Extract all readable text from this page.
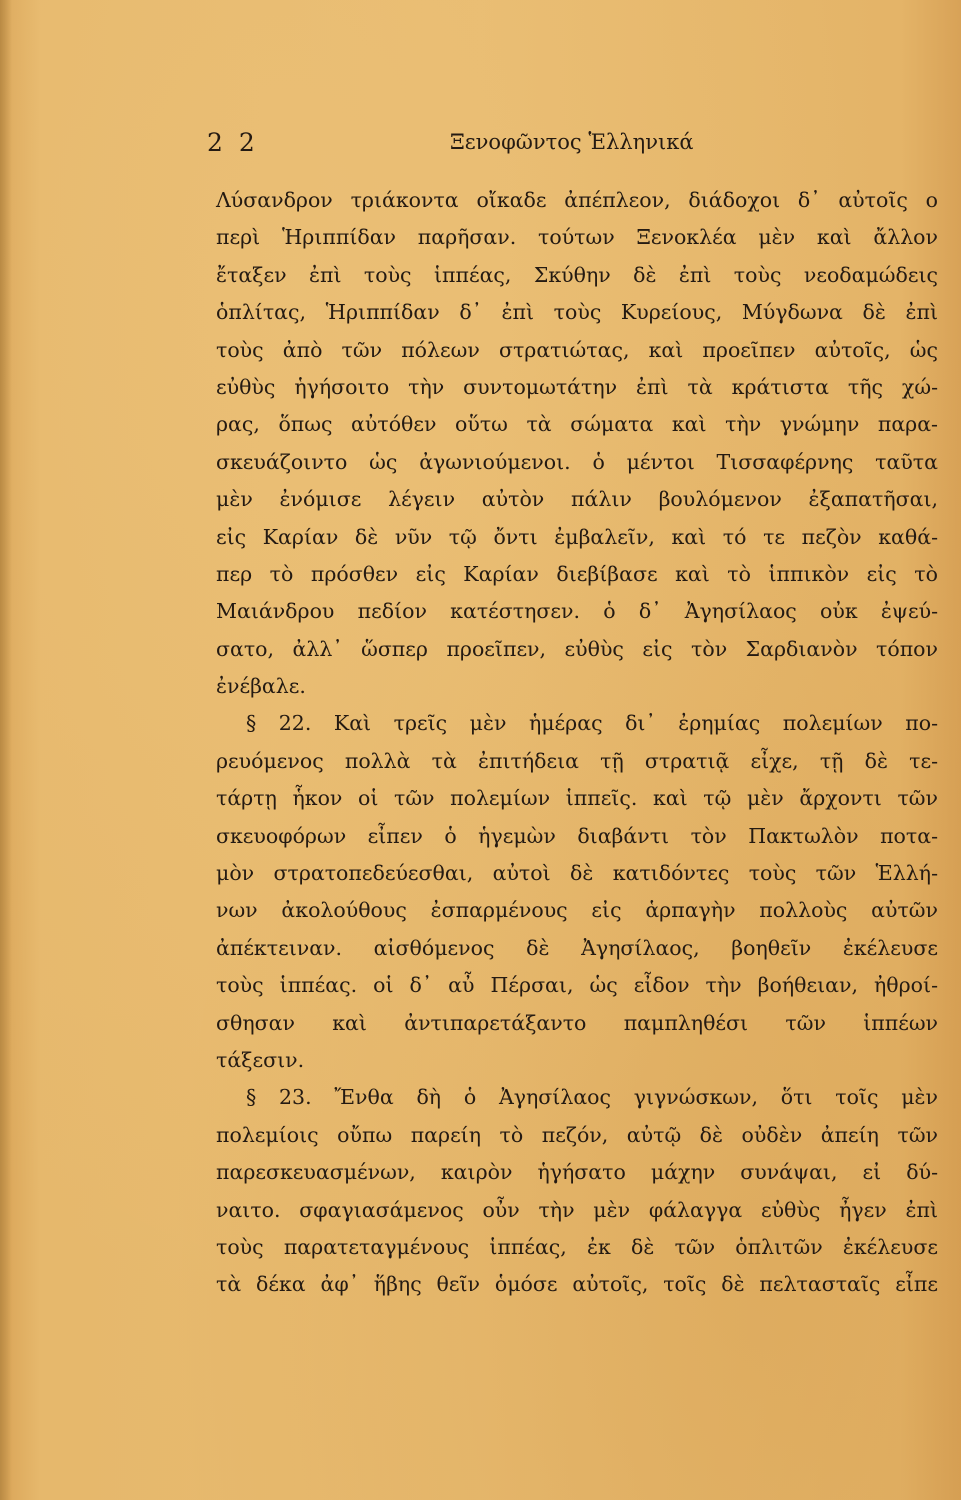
2 2	Ξενοφῶντος Ἑλληνικά
Λύσανδρον τριάκοντα οἴκαδε ἀπέπλεον, διάδοχοι δ᾿ αὐτοῖς ο
περὶ Ἡριππίδαν παρῆσαν. τούτων Ξενοκλέα μὲν καὶ ἄλλον
ἔταξεν ἐπὶ τοὺς ἱππέας, Σκύθην δὲ ἐπὶ τοὺς νεοδαμώδεις
ὁπλίτας, Ἡριππίδαν δ᾿ ἐπὶ τοὺς Κυρείους, Μύγδωνα δὲ ἐπὶ
τοὺς ἀπὸ τῶν πόλεων στρατιώτας, καὶ προεῖπεν αὐτοῖς, ὡς
εὐθὺς ἡγήσοιτο τὴν συντομωτάτην ἐπὶ τὰ κράτιστα τῆς χώ-
ρας, ὅπως αὐτόθεν οὕτω τὰ σώματα καὶ τὴν γνώμην παρα-
σκευάζοιντο ὡς ἀγωνιούμενοι. ὁ μέντοι Τισσαφέρνης ταῦτα
μὲν ἐνόμισε λέγειν αὐτὸν πάλιν βουλόμενον ἐξαπατῆσαι,
εἰς Καρίαν δὲ νῦν τῷ ὄντι ἐμβαλεῖν, καὶ τό τε πεζὸν καθά-
περ τὸ πρόσθεν εἰς Καρίαν διεβίβασε καὶ τὸ ἱππικὸν εἰς τὸ
Μαιάνδρου πεδίον κατέστησεν. ὁ δ᾿ Ἀγησίλαος οὐκ ἐψεύ-
σατο, ἀλλ᾿ ὥσπερ προεῖπεν, εὐθὺς εἰς τὸν Σαρδιανὸν τόπον
ἐνέβαλε.
§ 22. Καὶ τρεῖς μὲν ἡμέρας δι᾿ ἐρημίας πολεμίων πο-
ρευόμενος πολλὰ τὰ ἐπιτήδεια τῇ στρατιᾷ εἶχε, τῇ δὲ τε-
τάρτῃ ἧκον οἱ τῶν πολεμίων ἱππεῖς. καὶ τῷ μὲν ἄρχοντι τῶν
σκευοφόρων εἶπεν ὁ ἡγεμὼν διαβάντι τὸν Πακτωλὸν ποτα-
μὸν στρατοπεδεύεσθαι, αὐτοὶ δὲ κατιδόντες τοὺς τῶν Ἑλλή-
νων ἀκολούθους ἐσπαρμένους εἰς ἁρπαγὴν πολλοὺς αὐτῶν
ἀπέκτειναν. αἰσθόμενος δὲ Ἀγησίλαος, βοηθεῖν ἐκέλευσε
τοὺς ἱππέας. οἱ δ᾿ αὖ Πέρσαι, ὡς εἶδον τὴν βοήθειαν, ἠθροί-
σθησαν καὶ ἀντιπαρετάξαντο παμπληθέσι τῶν ἱππέων
τάξεσιν.
§ 23. Ἔνθα δὴ ὁ Ἀγησίλαος γιγνώσκων, ὅτι τοῖς μὲν
πολεμίοις οὔπω παρείη τὸ πεζόν, αὐτῷ δὲ οὐδὲν ἀπείη τῶν
παρεσκευασμένων, καιρὸν ἡγήσατο μάχην συνάψαι, εἰ δύ-
ναιτο. σφαγιασάμενος οὖν τὴν μὲν φάλαγγα εὐθὺς ἦγεν ἐπὶ
τοὺς παρατεταγμένους ἱππέας, ἐκ δὲ τῶν ὁπλιτῶν ἐκέλευσε
τὰ δέκα ἀφ᾿ ἥβης θεῖν ὁμόσε αὐτοῖς, τοῖς δὲ πελτασταῖς εἶπε
